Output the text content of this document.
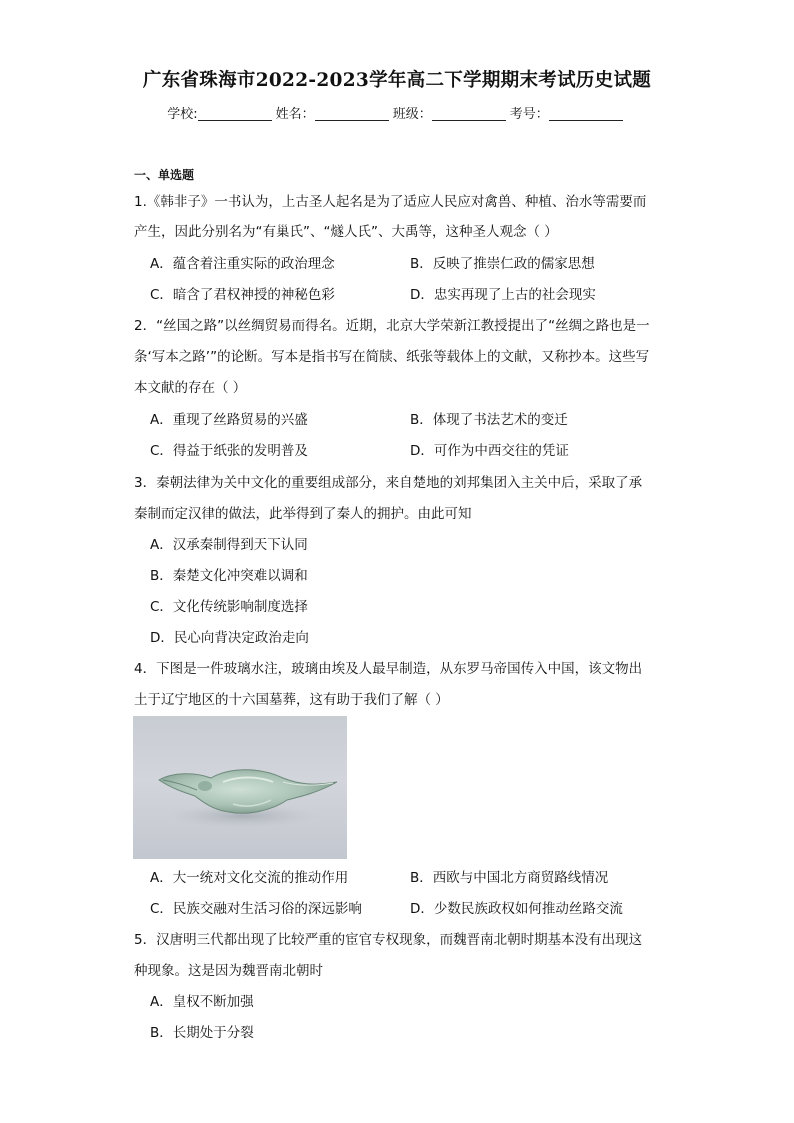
广东省珠海市2022-2023学年高二下学期期末考试历史试题
学校:	姓名：	班级：	考号：
一、单选题
1.《韩非子》一书认为，上古圣人起名是为了适应人民应对禽兽、种植、治水等需要而
产生，因此分别名为“有巢氏”、“燧人氏”、大禹等，这种圣人观念（ ）
A．蕴含着注重实际的政治理念	B．反映了推崇仁政的儒家思想
C．暗含了君权神授的神秘色彩	D．忠实再现了上古的社会现实
2．“丝国之路”以丝绸贸易而得名。近期，北京大学荣新江教授提出了“丝绸之路也是一
条‘写本之路’”的论断。写本是指书写在简牍、纸张等载体上的文献，又称抄本。这些写
本文献的存在（ ）
A．重现了丝路贸易的兴盛	B．体现了书法艺术的变迁
C．得益于纸张的发明普及	D．可作为中西交往的凭证
3．秦朝法律为关中文化的重要组成部分，来自楚地的刘邦集团入主关中后，采取了承
秦制而定汉律的做法，此举得到了秦人的拥护。由此可知
A．汉承秦制得到天下认同
B．秦楚文化冲突难以调和
C．文化传统影响制度选择
D．民心向背决定政治走向
4．下图是一件玻璃水注，玻璃由埃及人最早制造，从东罗马帝国传入中国，该文物出
土于辽宁地区的十六国墓葬，这有助于我们了解（ ）
A．大一统对文化交流的推动作用	B．西欧与中国北方商贸路线情况
C．民族交融对生活习俗的深远影响	D．少数民族政权如何推动丝路交流
5．汉唐明三代都出现了比较严重的宦官专权现象，而魏晋南北朝时期基本没有出现这
种现象。这是因为魏晋南北朝时
A．皇权不断加强
B．长期处于分裂
